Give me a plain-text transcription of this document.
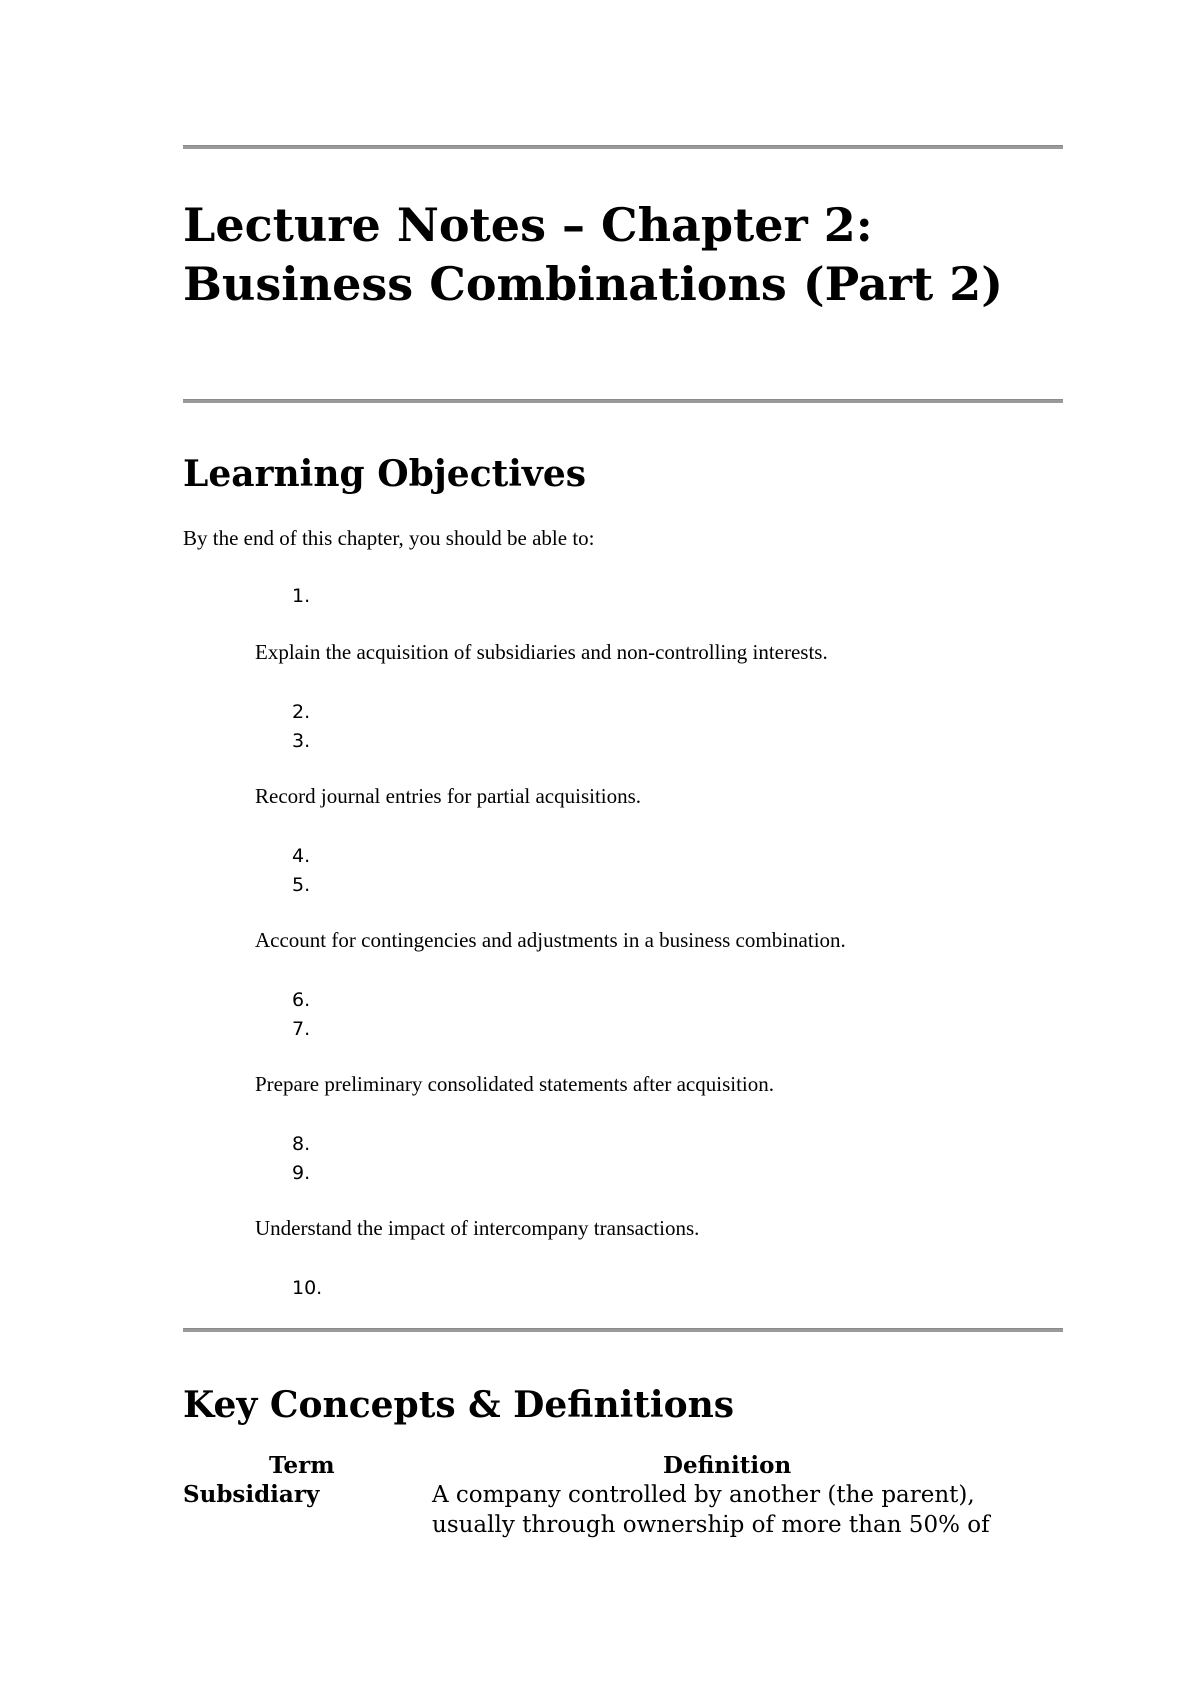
Lecture Notes – Chapter 2: Business Combinations (Part 2)
Learning Objectives

By the end of this chapter, you should be able to:

1.

Explain the acquisition of subsidiaries and non-controlling interests.

2.
3.

Record journal entries for partial acquisitions.

4.
5.

Account for contingencies and adjustments in a business combination.

6.
7.

Prepare preliminary consolidated statements after acquisition.

8.
9.

Understand the impact of intercompany transactions.

10.
Key Concepts & Definitions
Term	Definition
Subsidiary	A company controlled by another (the parent), usually through ownership of more than 50% of
